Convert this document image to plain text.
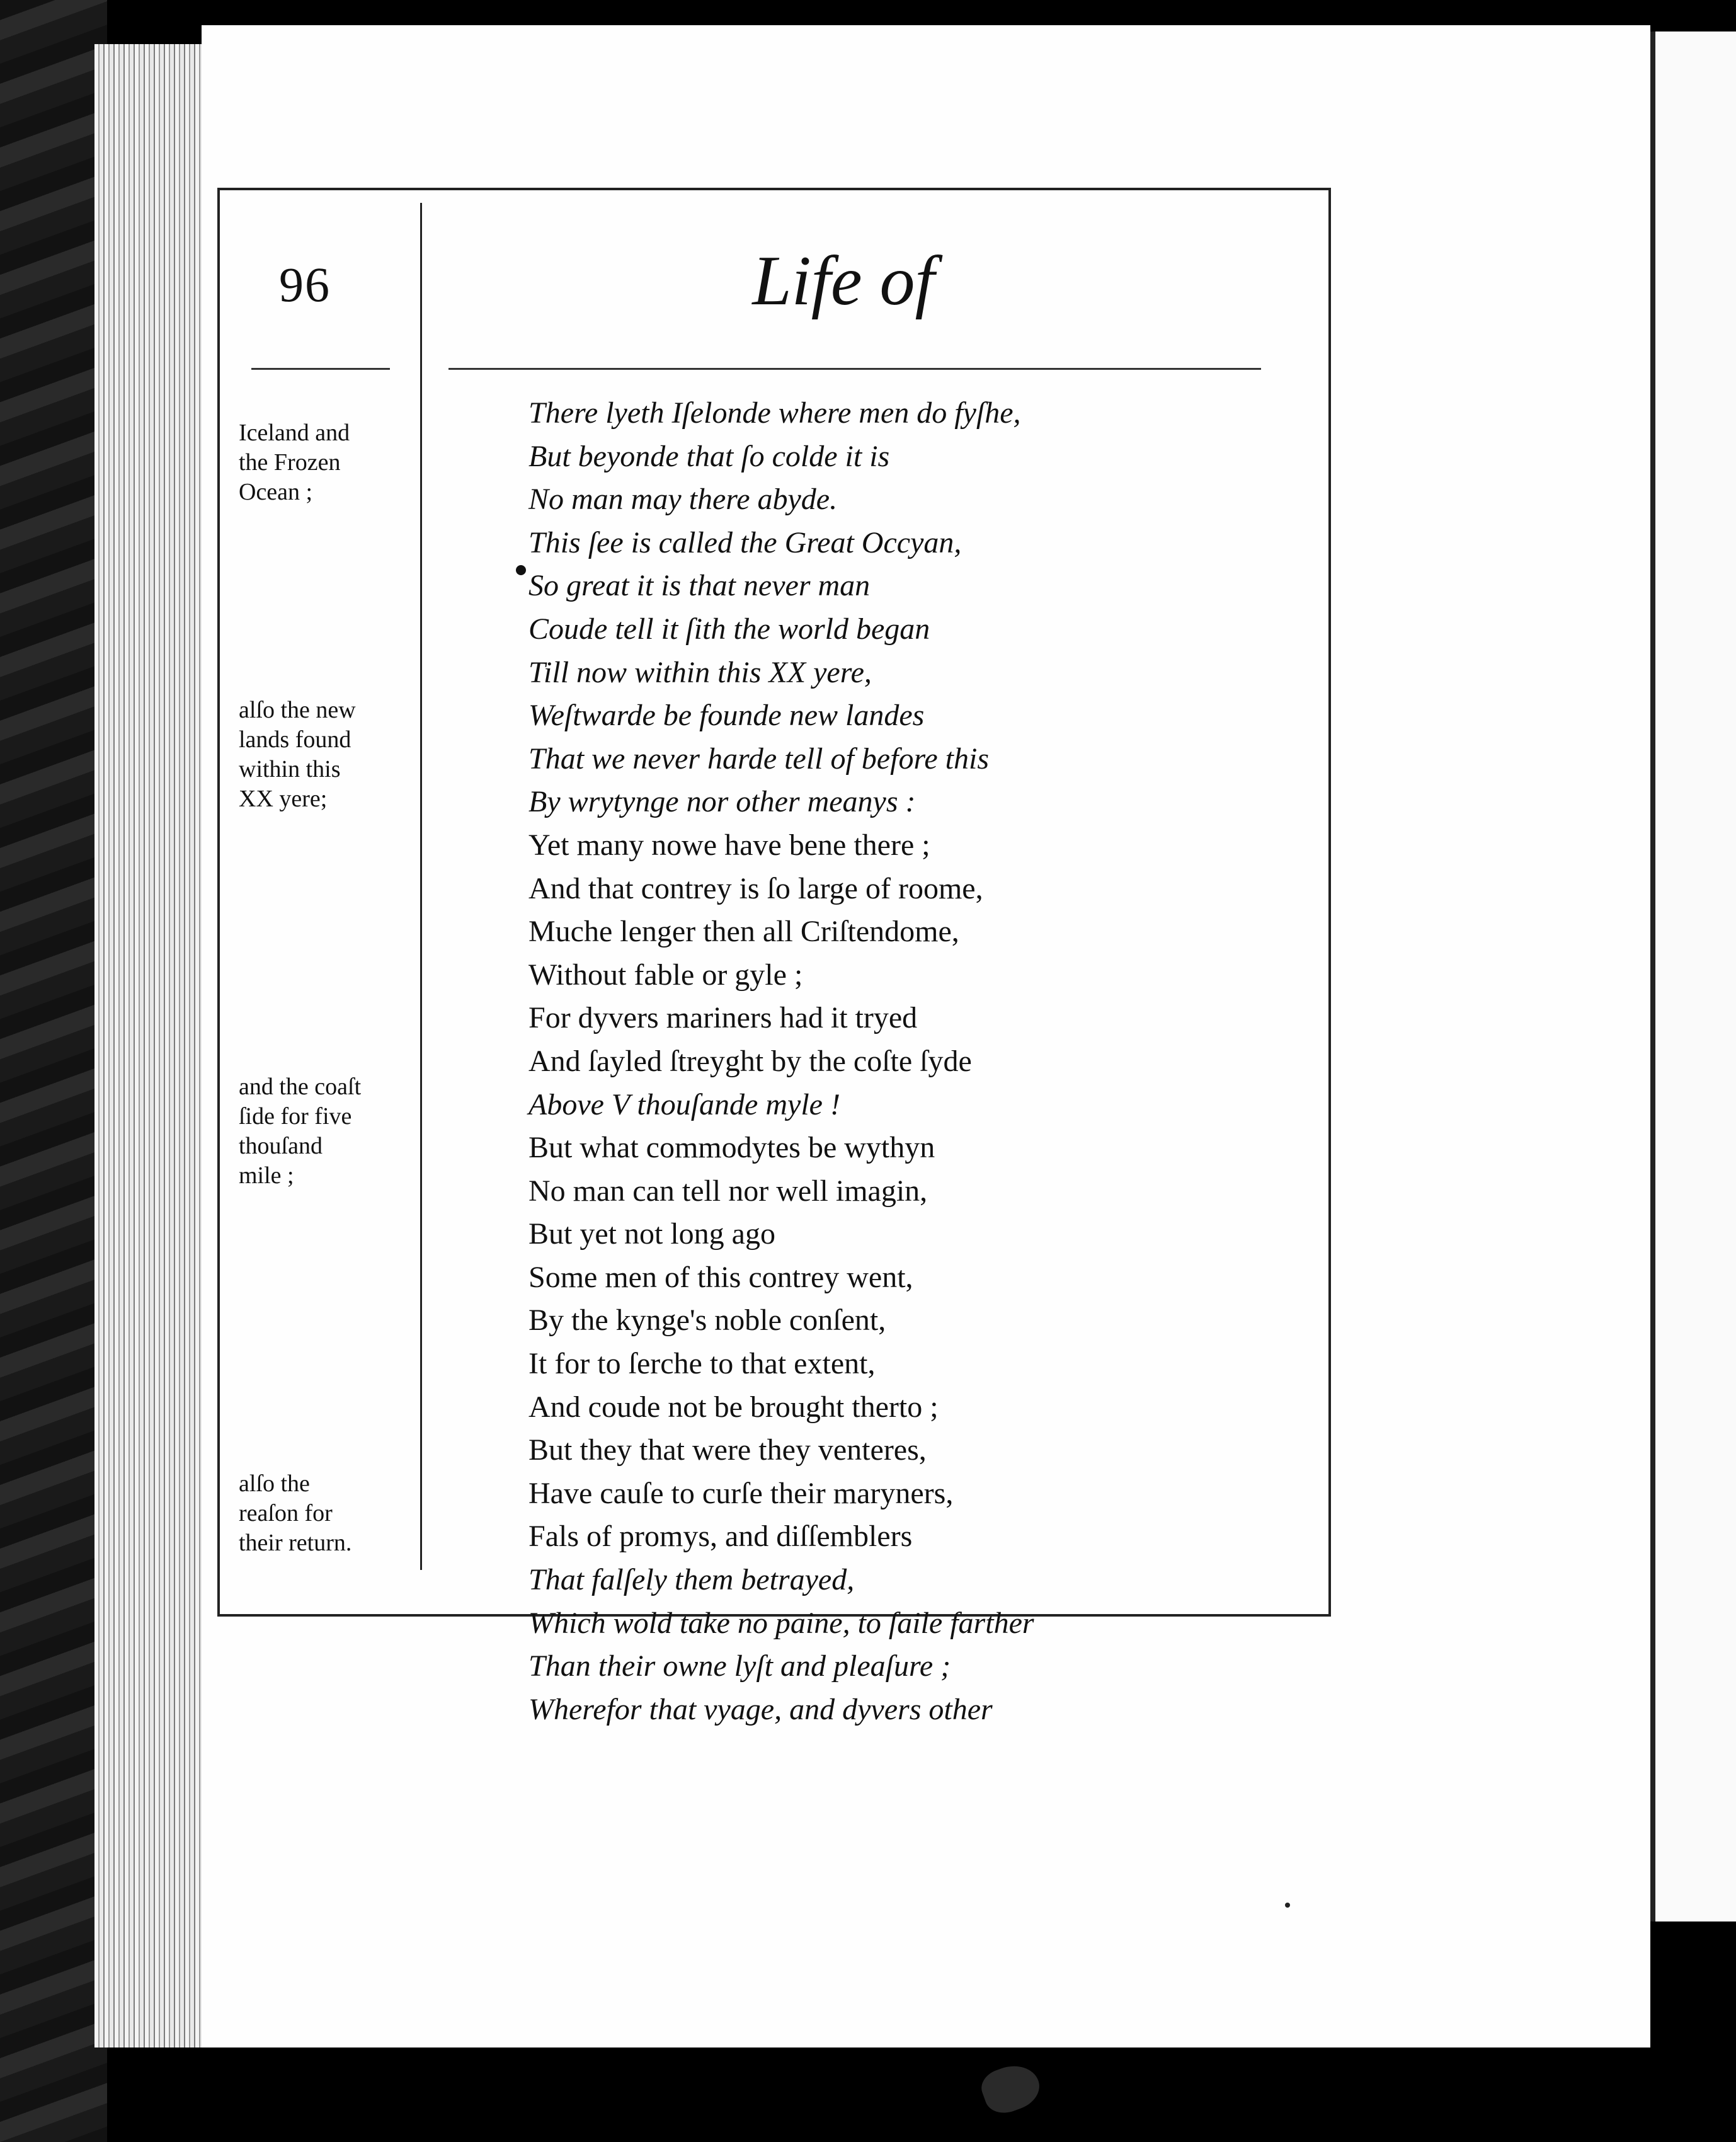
96	Life of
Iceland and
the Frozen
Ocean ;
alſo the new
lands found
within this
XX yere;
and the coaſt
ſide for five
thouſand
mile ;
alſo the
reaſon for
their return.
There lyeth Iſelonde where men do fyſhe,
But beyonde that ſo colde it is
No man may there abyde.
This ſee is called the Great Occyan,
So great it is that never man
Coude tell it ſith the world began
Till now within this XX yere,
Weſtwarde be founde new landes
That we never harde tell of before this
By wrytynge nor other meanys :
Yet many nowe have bene there ;
And that contrey is ſo large of roome,
Muche lenger then all Criſtendome,
Without fable or gyle ;
For dyvers mariners had it tryed
And ſayled ſtreyght by the coſte ſyde
Above V thouſande myle !
But what commodytes be wythyn
No man can tell nor well imagin,
But yet not long ago
Some men of this contrey went,
By the kynge's noble conſent,
It for to ſerche to that extent,
And coude not be brought therto ;
But they that were they venteres,
Have cauſe to curſe their maryners,
Fals of promys, and diſſemblers
That falſely them betrayed,
Which wold take no paine, to ſaile farther
Than their owne lyſt and pleaſure ;
Wherefor that vyage, and dyvers other
